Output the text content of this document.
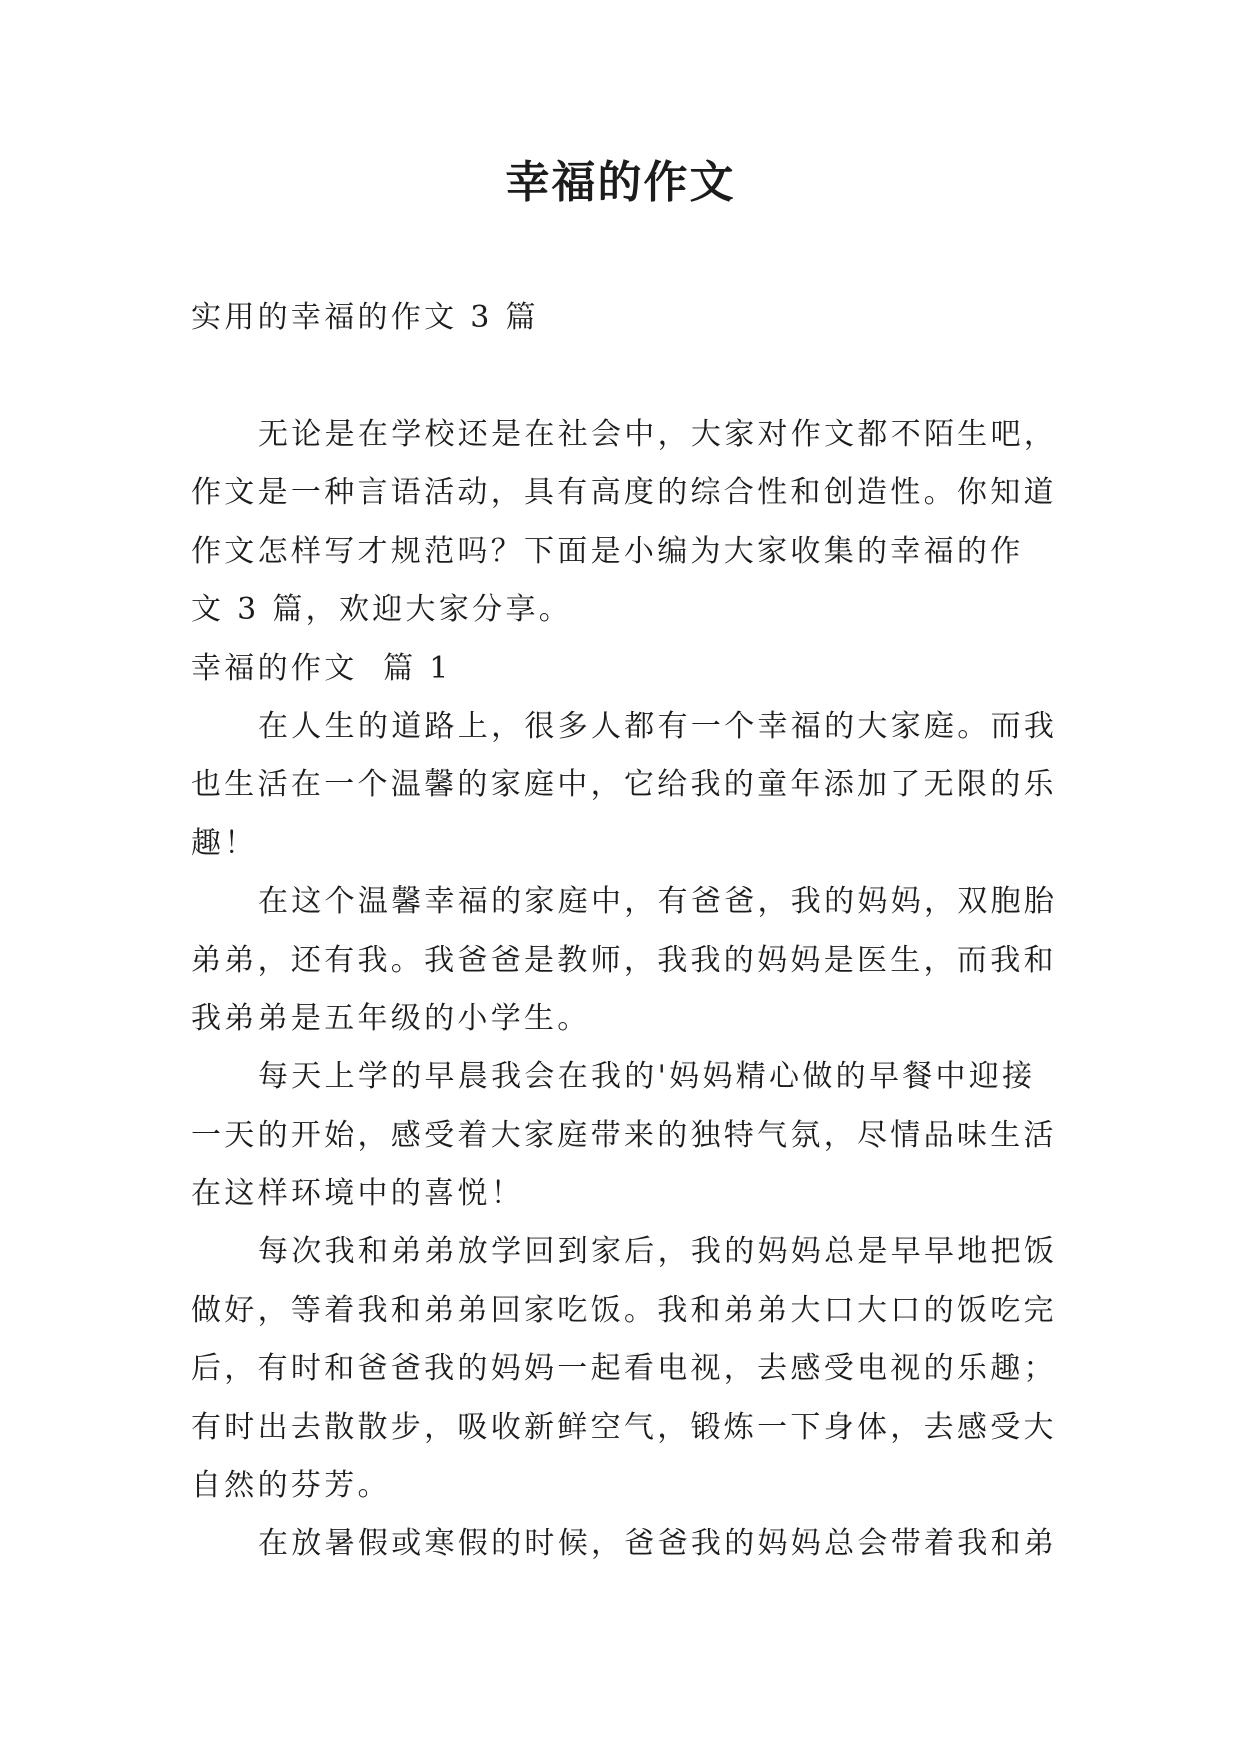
幸福的作文
实用的幸福的作文 3 篇
无论是在学校还是在社会中，大家对作文都不陌生吧，
作文是一种言语活动，具有高度的综合性和创造性。你知道
作文怎样写才规范吗？下面是小编为大家收集的幸福的作
文 3 篇，欢迎大家分享。
幸福的作文  篇 1
在人生的道路上，很多人都有一个幸福的大家庭。而我
也生活在一个温馨的家庭中，它给我的童年添加了无限的乐
趣！
在这个温馨幸福的家庭中，有爸爸，我的妈妈，双胞胎
弟弟，还有我。我爸爸是教师，我我的妈妈是医生，而我和
我弟弟是五年级的小学生。
每天上学的早晨我会在我的'妈妈精心做的早餐中迎接
一天的开始，感受着大家庭带来的独特气氛，尽情品味生活
在这样环境中的喜悦！
每次我和弟弟放学回到家后，我的妈妈总是早早地把饭
做好，等着我和弟弟回家吃饭。我和弟弟大口大口的饭吃完
后，有时和爸爸我的妈妈一起看电视，去感受电视的乐趣；
有时出去散散步，吸收新鲜空气，锻炼一下身体，去感受大
自然的芬芳。
在放暑假或寒假的时候，爸爸我的妈妈总会带着我和弟
